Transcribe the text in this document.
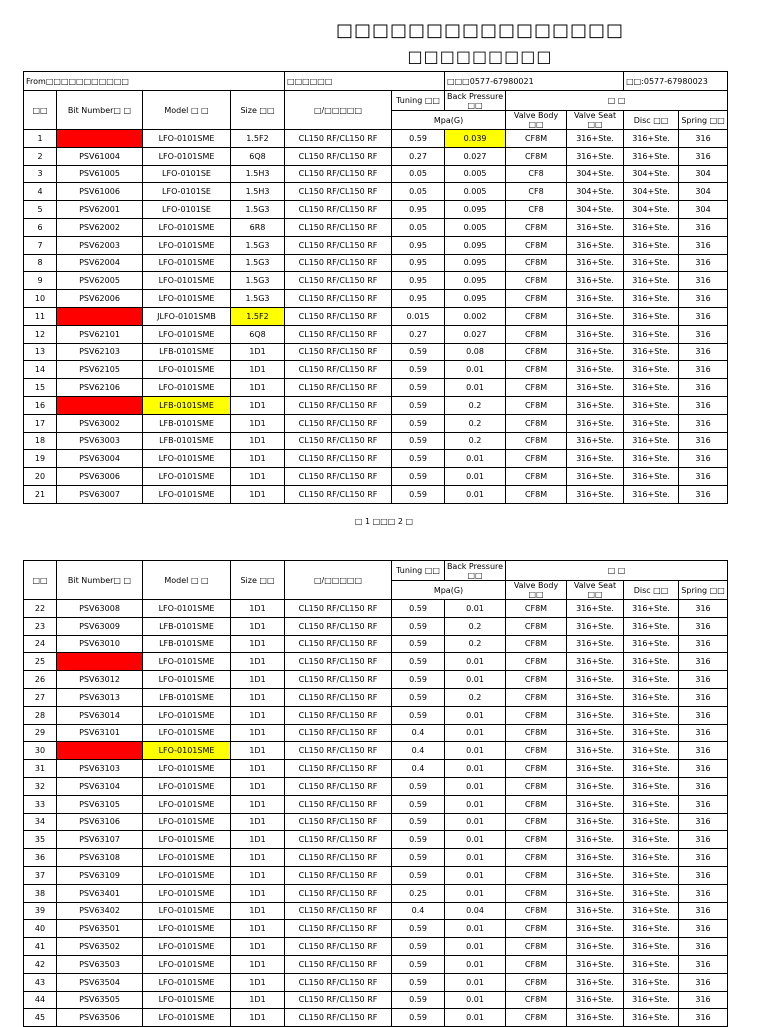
□□□□□□□□□□□□□□□□
□□□□□□□□□
From□□□□□□□□□□□				□□□□□□		□□□0577-67980021			□□:0577-67980023	
□□	Bit Number□ □	Model □ □	Size □□	□/□□□□□	Tuning □□	Back Pressure □□	□ □			
					Mpa(G)		Valve Body □□	Valve Seat □□	Disc □□	Spring □□
1	PSV61003	LFO-0101SME	1.5F2	CL150 RF/CL150 RF	0.59	0.039	CF8M	316+Ste.	316+Ste.	316
2	PSV61004	LFO-0101SME	6Q8	CL150 RF/CL150 RF	0.27	0.027	CF8M	316+Ste.	316+Ste.	316
3	PSV61005	LFO-0101SE	1.5H3	CL150 RF/CL150 RF	0.05	0.005	CF8	304+Ste.	304+Ste.	304
4	PSV61006	LFO-0101SE	1.5H3	CL150 RF/CL150 RF	0.05	0.005	CF8	304+Ste.	304+Ste.	304
5	PSV62001	LFO-0101SE	1.5G3	CL150 RF/CL150 RF	0.95	0.095	CF8	304+Ste.	304+Ste.	304
6	PSV62002	LFO-0101SME	6R8	CL150 RF/CL150 RF	0.05	0.005	CF8M	316+Ste.	316+Ste.	316
7	PSV62003	LFO-0101SME	1.5G3	CL150 RF/CL150 RF	0.95	0.095	CF8M	316+Ste.	316+Ste.	316
8	PSV62004	LFO-0101SME	1.5G3	CL150 RF/CL150 RF	0.95	0.095	CF8M	316+Ste.	316+Ste.	316
9	PSV62005	LFO-0101SME	1.5G3	CL150 RF/CL150 RF	0.95	0.095	CF8M	316+Ste.	316+Ste.	316
10	PSV62006	LFO-0101SME	1.5G3	CL150 RF/CL150 RF	0.95	0.095	CF8M	316+Ste.	316+Ste.	316
11	PSV62010	JLFO-0101SMB	1.5F2	CL150 RF/CL150 RF	0.015	0.002	CF8M	316+Ste.	316+Ste.	316
12	PSV62101	LFO-0101SME	6Q8	CL150 RF/CL150 RF	0.27	0.027	CF8M	316+Ste.	316+Ste.	316
13	PSV62103	LFB-0101SME	1D1	CL150 RF/CL150 RF	0.59	0.08	CF8M	316+Ste.	316+Ste.	316
14	PSV62105	LFO-0101SME	1D1	CL150 RF/CL150 RF	0.59	0.01	CF8M	316+Ste.	316+Ste.	316
15	PSV62106	LFO-0101SME	1D1	CL150 RF/CL150 RF	0.59	0.01	CF8M	316+Ste.	316+Ste.	316
16	PSV63001	LFB-0101SME	1D1	CL150 RF/CL150 RF	0.59	0.2	CF8M	316+Ste.	316+Ste.	316
17	PSV63002	LFB-0101SME	1D1	CL150 RF/CL150 RF	0.59	0.2	CF8M	316+Ste.	316+Ste.	316
18	PSV63003	LFB-0101SME	1D1	CL150 RF/CL150 RF	0.59	0.2	CF8M	316+Ste.	316+Ste.	316
19	PSV63004	LFO-0101SME	1D1	CL150 RF/CL150 RF	0.59	0.01	CF8M	316+Ste.	316+Ste.	316
20	PSV63006	LFO-0101SME	1D1	CL150 RF/CL150 RF	0.59	0.01	CF8M	316+Ste.	316+Ste.	316
21	PSV63007	LFO-0101SME	1D1	CL150 RF/CL150 RF	0.59	0.01	CF8M	316+Ste.	316+Ste.	316
□ 1 □□□ 2 □
□□	Bit Number□ □	Model □ □	Size □□	□/□□□□□	Tuning □□	Back Pressure □□	□ □			
					Mpa(G)		Valve Body □□	Valve Seat □□	Disc □□	Spring □□
22	PSV63008	LFO-0101SME	1D1	CL150 RF/CL150 RF	0.59	0.01	CF8M	316+Ste.	316+Ste.	316
23	PSV63009	LFB-0101SME	1D1	CL150 RF/CL150 RF	0.59	0.2	CF8M	316+Ste.	316+Ste.	316
24	PSV63010	LFB-0101SME	1D1	CL150 RF/CL150 RF	0.59	0.2	CF8M	316+Ste.	316+Ste.	316
25	PSV63011	LFO-0101SME	1D1	CL150 RF/CL150 RF	0.59	0.01	CF8M	316+Ste.	316+Ste.	316
26	PSV63012	LFO-0101SME	1D1	CL150 RF/CL150 RF	0.59	0.01	CF8M	316+Ste.	316+Ste.	316
27	PSV63013	LFB-0101SME	1D1	CL150 RF/CL150 RF	0.59	0.2	CF8M	316+Ste.	316+Ste.	316
28	PSV63014	LFO-0101SME	1D1	CL150 RF/CL150 RF	0.59	0.01	CF8M	316+Ste.	316+Ste.	316
29	PSV63101	LFO-0101SME	1D1	CL150 RF/CL150 RF	0.4	0.01	CF8M	316+Ste.	316+Ste.	316
30	PSV63102	LFO-0101SME	1D1	CL150 RF/CL150 RF	0.4	0.01	CF8M	316+Ste.	316+Ste.	316
31	PSV63103	LFO-0101SME	1D1	CL150 RF/CL150 RF	0.4	0.01	CF8M	316+Ste.	316+Ste.	316
32	PSV63104	LFO-0101SME	1D1	CL150 RF/CL150 RF	0.59	0.01	CF8M	316+Ste.	316+Ste.	316
33	PSV63105	LFO-0101SME	1D1	CL150 RF/CL150 RF	0.59	0.01	CF8M	316+Ste.	316+Ste.	316
34	PSV63106	LFO-0101SME	1D1	CL150 RF/CL150 RF	0.59	0.01	CF8M	316+Ste.	316+Ste.	316
35	PSV63107	LFO-0101SME	1D1	CL150 RF/CL150 RF	0.59	0.01	CF8M	316+Ste.	316+Ste.	316
36	PSV63108	LFO-0101SME	1D1	CL150 RF/CL150 RF	0.59	0.01	CF8M	316+Ste.	316+Ste.	316
37	PSV63109	LFO-0101SME	1D1	CL150 RF/CL150 RF	0.59	0.01	CF8M	316+Ste.	316+Ste.	316
38	PSV63401	LFO-0101SME	1D1	CL150 RF/CL150 RF	0.25	0.01	CF8M	316+Ste.	316+Ste.	316
39	PSV63402	LFO-0101SME	1D1	CL150 RF/CL150 RF	0.4	0.04	CF8M	316+Ste.	316+Ste.	316
40	PSV63501	LFO-0101SME	1D1	CL150 RF/CL150 RF	0.59	0.01	CF8M	316+Ste.	316+Ste.	316
41	PSV63502	LFO-0101SME	1D1	CL150 RF/CL150 RF	0.59	0.01	CF8M	316+Ste.	316+Ste.	316
42	PSV63503	LFO-0101SME	1D1	CL150 RF/CL150 RF	0.59	0.01	CF8M	316+Ste.	316+Ste.	316
43	PSV63504	LFO-0101SME	1D1	CL150 RF/CL150 RF	0.59	0.01	CF8M	316+Ste.	316+Ste.	316
44	PSV63505	LFO-0101SME	1D1	CL150 RF/CL150 RF	0.59	0.01	CF8M	316+Ste.	316+Ste.	316
45	PSV63506	LFO-0101SME	1D1	CL150 RF/CL150 RF	0.59	0.01	CF8M	316+Ste.	316+Ste.	316
